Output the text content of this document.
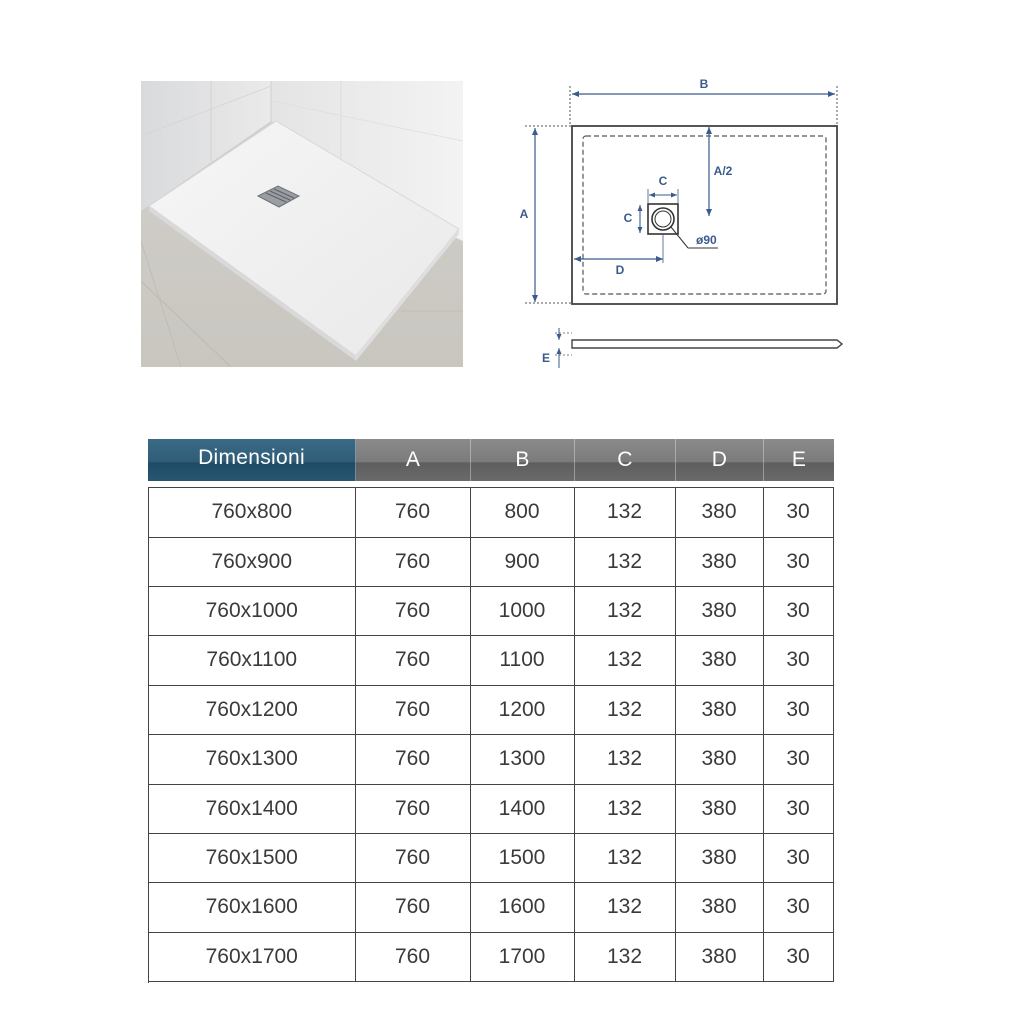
B
A
A/2
C
C
ø90
D
E
Dimensioni	A	B	C	D	E
760x800	760	800	132	380	30
760x900	760	900	132	380	30
760x1000	760	1000	132	380	30
760x1100	760	1100	132	380	30
760x1200	760	1200	132	380	30
760x1300	760	1300	132	380	30
760x1400	760	1400	132	380	30
760x1500	760	1500	132	380	30
760x1600	760	1600	132	380	30
760x1700	760	1700	132	380	30
